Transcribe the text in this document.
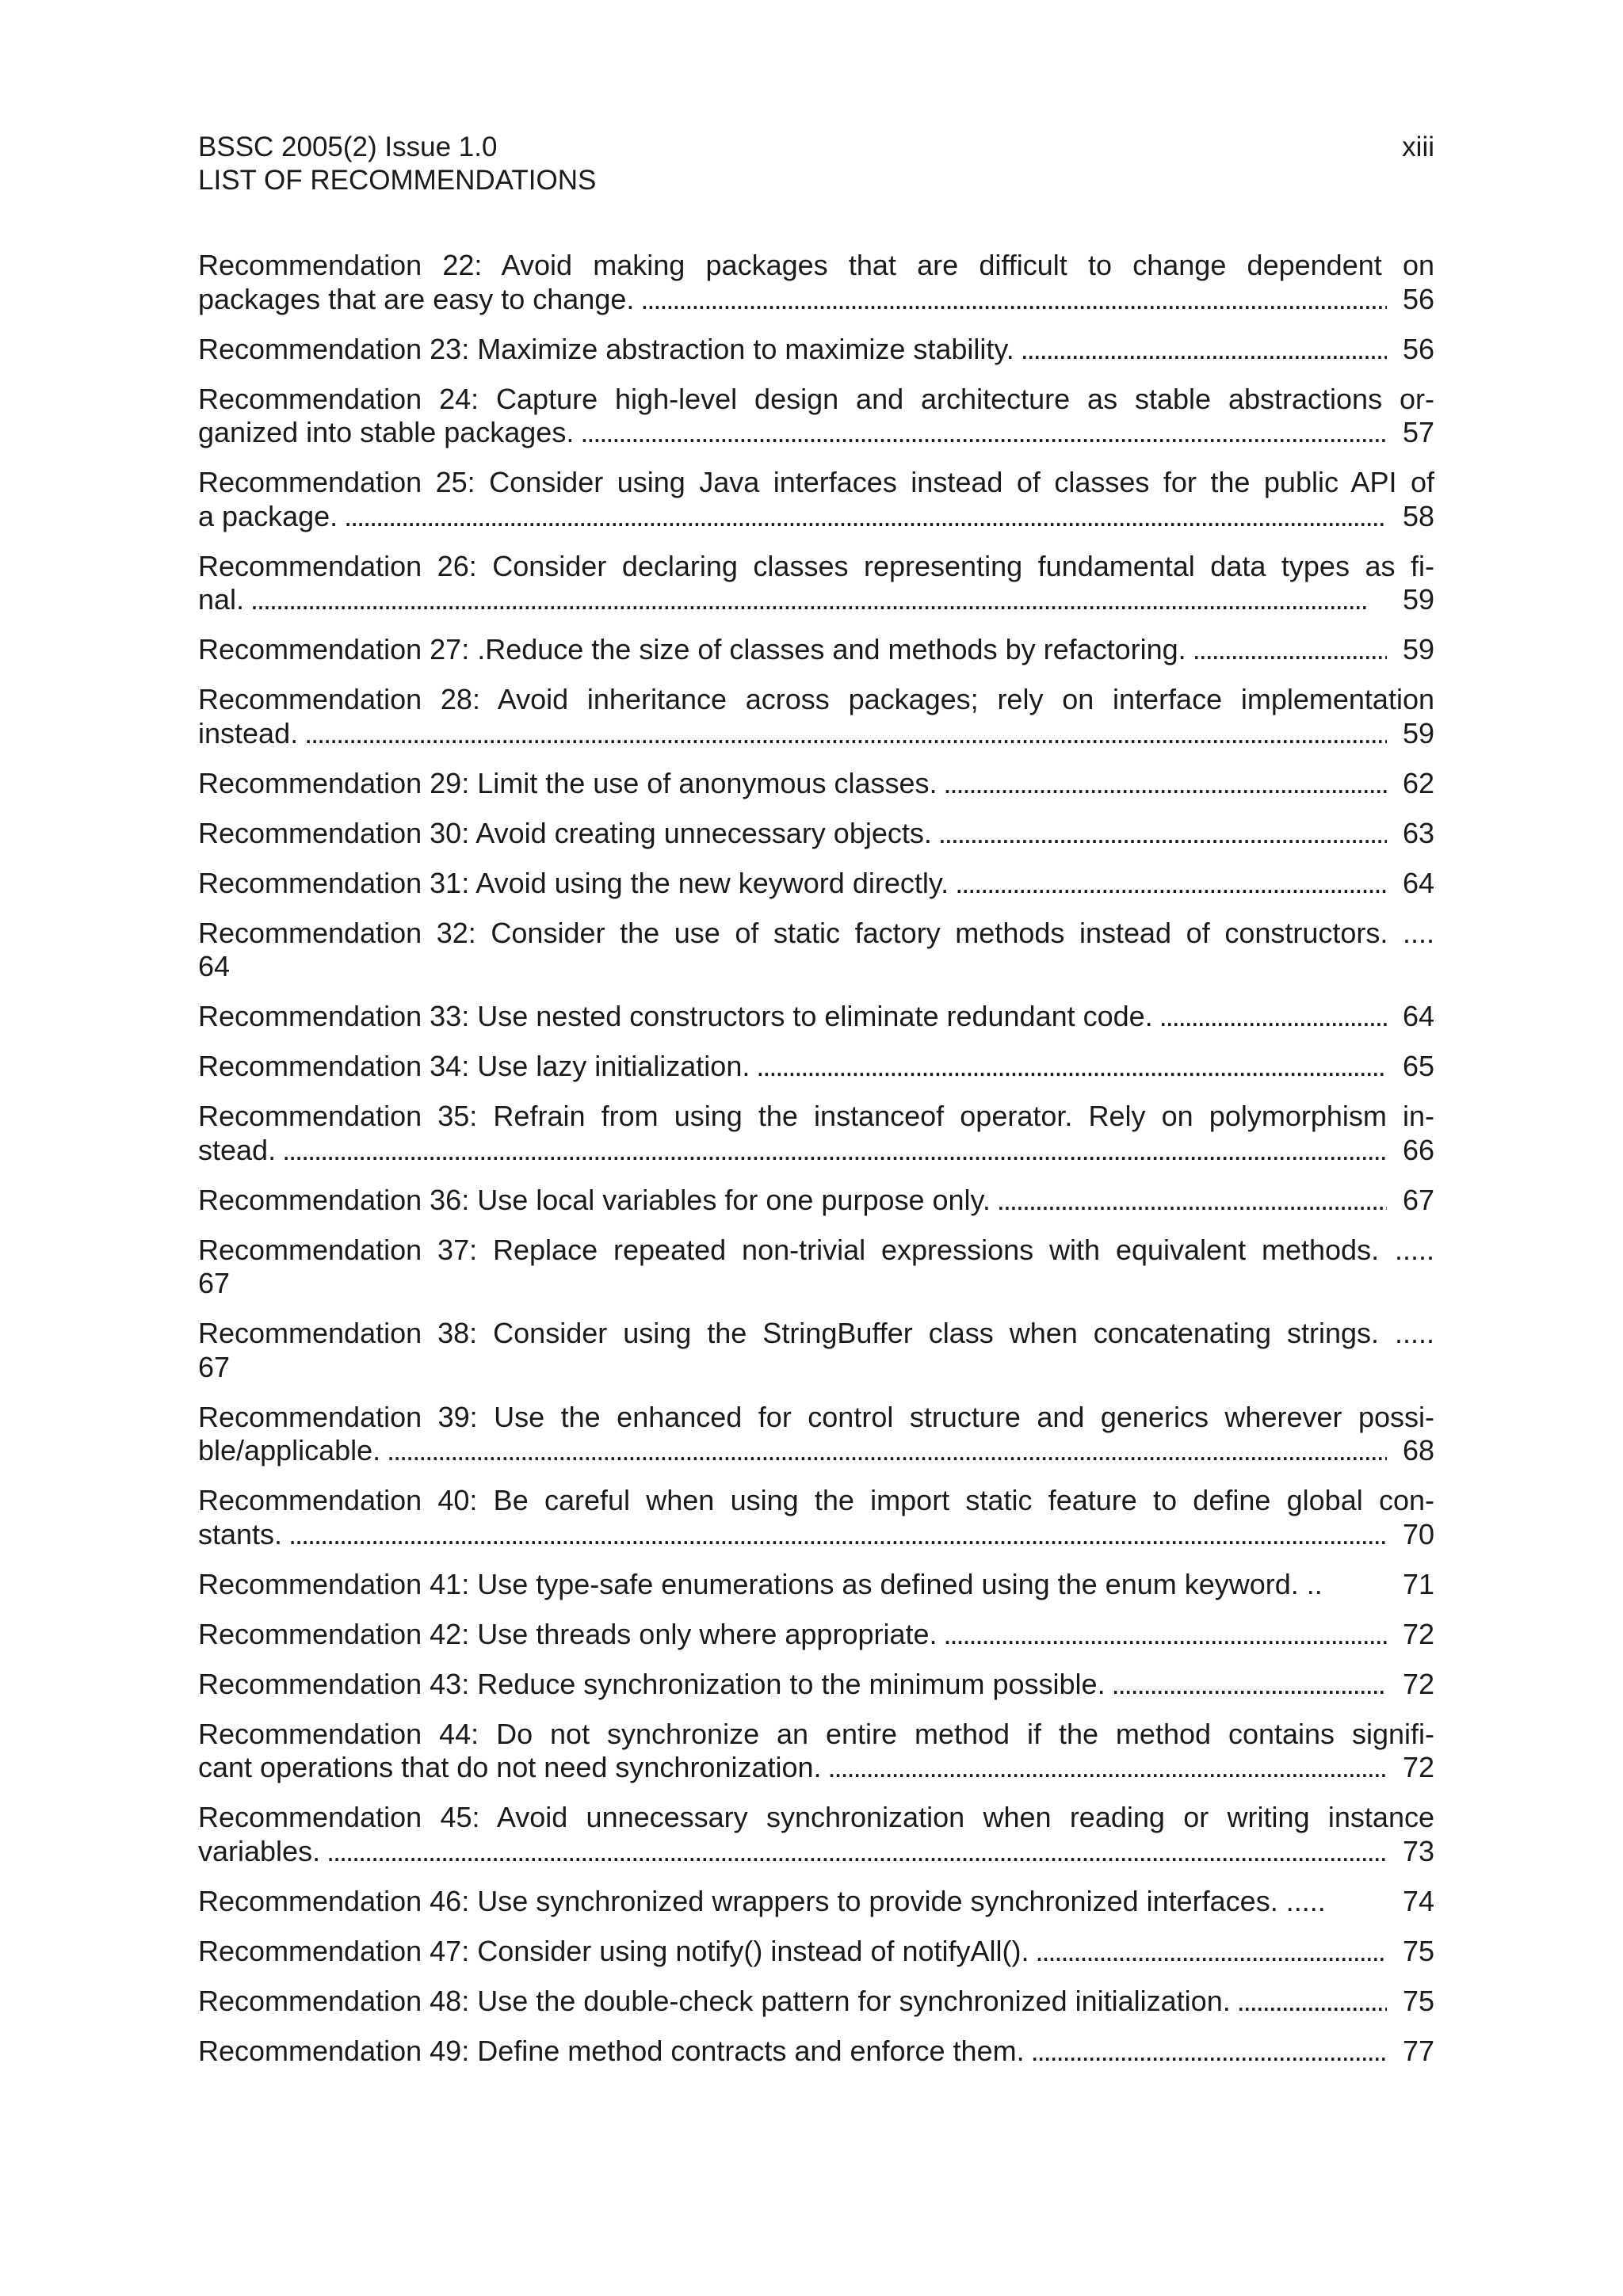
BSSC 2005(2) Issue 1.0	xiii
LIST OF RECOMMENDATIONS
Recommendation 22: Avoid making packages that are difficult to change dependent on
packages that are easy to change. . . .	56
Recommendation 23: Maximize abstraction to maximize stability. . . .	56
Recommendation 24: Capture high-level design and architecture as stable abstractions or-
ganized into stable packages. . . .	57
Recommendation 25: Consider using Java interfaces instead of classes for the public API of
a package. . . .	58
Recommendation 26: Consider declaring classes representing fundamental data types as fi-
nal. . . .	59
Recommendation 27: .Reduce the size of classes and methods by refactoring. . . .	59
Recommendation 28: Avoid inheritance across packages; rely on interface implementation
instead. . . .	59
Recommendation 29: Limit the use of anonymous classes. . . .	62
Recommendation 30: Avoid creating unnecessary objects. . . .	63
Recommendation 31: Avoid using the new keyword directly. . . .	64
Recommendation 32: Consider the use of static factory methods instead of constructors. ....
64
Recommendation 33: Use nested constructors to eliminate redundant code. . . .	64
Recommendation 34: Use lazy initialization. . . .	65
Recommendation 35: Refrain from using the instanceof operator. Rely on polymorphism in-
stead. . . .	66
Recommendation 36: Use local variables for one purpose only. . . .	67
Recommendation 37: Replace repeated non-trivial expressions with equivalent methods. .....
67
Recommendation 38: Consider using the StringBuffer class when concatenating strings. .....
67
Recommendation 39: Use the enhanced for control structure and generics wherever possi-
ble/applicable. . . .	68
Recommendation 40: Be careful when using the import static feature to define global con-
stants. . . .	70
Recommendation 41: Use type-safe enumerations as defined using the enum keyword. ..	71
Recommendation 42: Use threads only where appropriate. . . .	72
Recommendation 43: Reduce synchronization to the minimum possible. . . .	72
Recommendation 44: Do not synchronize an entire method if the method contains signifi-
cant operations that do not need synchronization. . . .	72
Recommendation 45: Avoid unnecessary synchronization when reading or writing instance
variables. . . .	73
Recommendation 46: Use synchronized wrappers to provide synchronized interfaces. .....	74
Recommendation 47: Consider using notify() instead of notifyAll(). . . .	75
Recommendation 48: Use the double-check pattern for synchronized initialization. . . .	75
Recommendation 49: Define method contracts and enforce them. . . .	77
